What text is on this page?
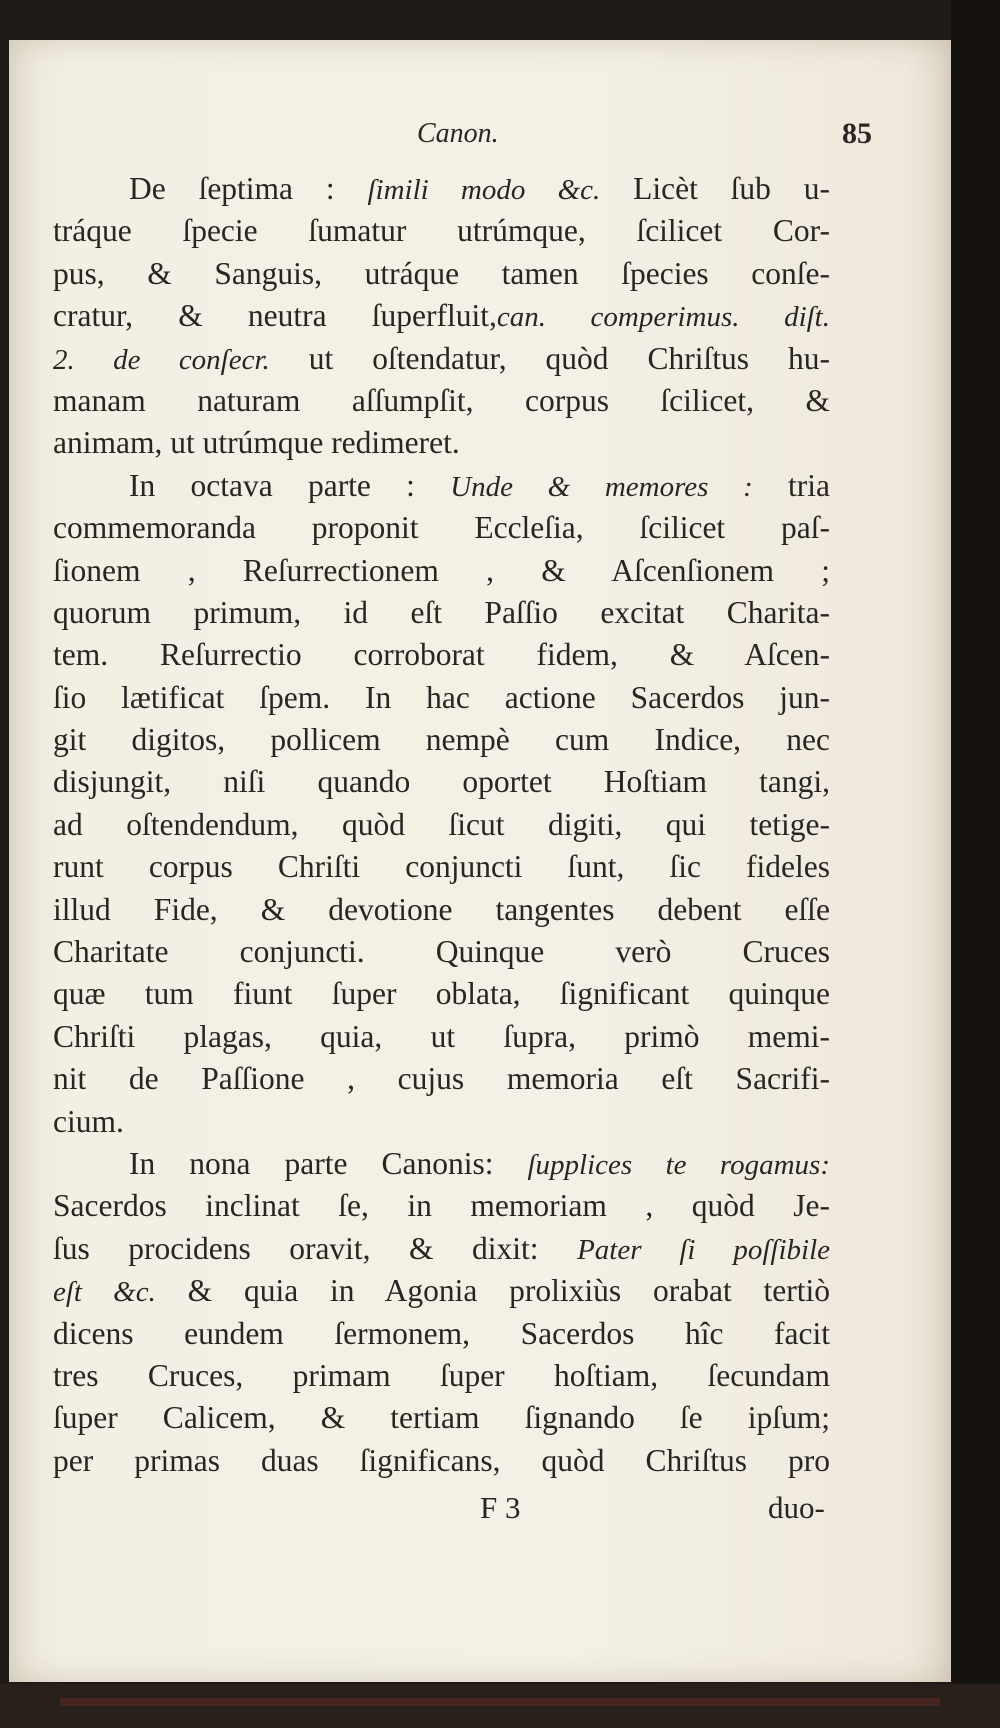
Canon.	85
De ſeptima : ſimili modo &c. Licèt ſub u-
tráque ſpecie ſumatur utrúmque, ſcilicet Cor-
pus, & Sanguis, utráque tamen ſpecies conſe-
cratur, & neutra ſuperfluit,can. comperimus. diſt.
2. de conſecr. ut oſtendatur, quòd Chriſtus hu-
manam naturam aſſumpſit, corpus ſcilicet, &
animam, ut utrúmque redimeret.
In octava parte : Unde & memores : tria
commemoranda proponit Eccleſia, ſcilicet paſ-
ſionem , Reſurrectionem , & Aſcenſionem ;
quorum primum, id eſt Paſſio excitat Charita-
tem. Reſurrectio corroborat fidem, & Aſcen-
ſio lætificat ſpem. In hac actione Sacerdos jun-
git digitos, pollicem nempè cum Indice, nec
disjungit, niſi quando oportet Hoſtiam tangi,
ad oſtendendum, quòd ſicut digiti, qui tetige-
runt corpus Chriſti conjuncti ſunt, ſic fideles
illud Fide, & devotione tangentes debent eſſe
Charitate conjuncti. Quinque verò Cruces
quæ tum fiunt ſuper oblata, ſignificant quinque
Chriſti plagas, quia, ut ſupra, primò memi-
nit de Paſſione , cujus memoria eſt Sacrifi-
cium.
In nona parte Canonis: ſupplices te rogamus:
Sacerdos inclinat ſe, in memoriam , quòd Je-
ſus procidens oravit, & dixit: Pater ſi poſſibile
eſt &c. & quia in Agonia prolixiùs orabat tertiò
dicens eundem ſermonem, Sacerdos hîc facit
tres Cruces, primam ſuper hoſtiam, ſecundam
ſuper Calicem, & tertiam ſignando ſe ipſum;
per primas duas ſignificans, quòd Chriſtus pro
F 3	duo-
